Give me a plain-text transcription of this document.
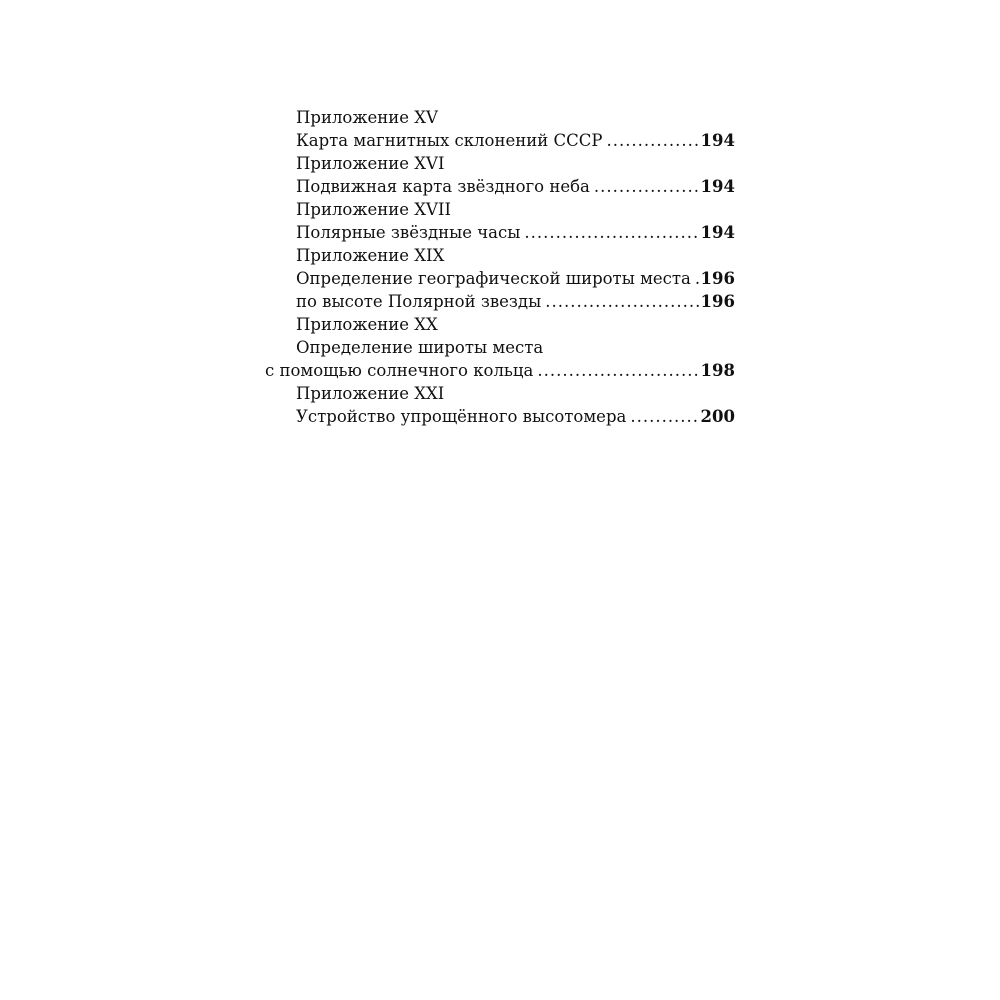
Приложение XV
Карта магнитных склонений СССР .....	194
Приложение XVI
Подвижная карта звёздного неба .....	194
Приложение XVII
Полярные звёздные часы .....	194
Приложение XIX
Определение географической широты места ..... 196
по высоте Полярной звезды .....	196
Приложение XX
Определение широты места
с помощью солнечного кольца .....	198
Приложение XXI
Устройство упрощённого высотомера .....	200
